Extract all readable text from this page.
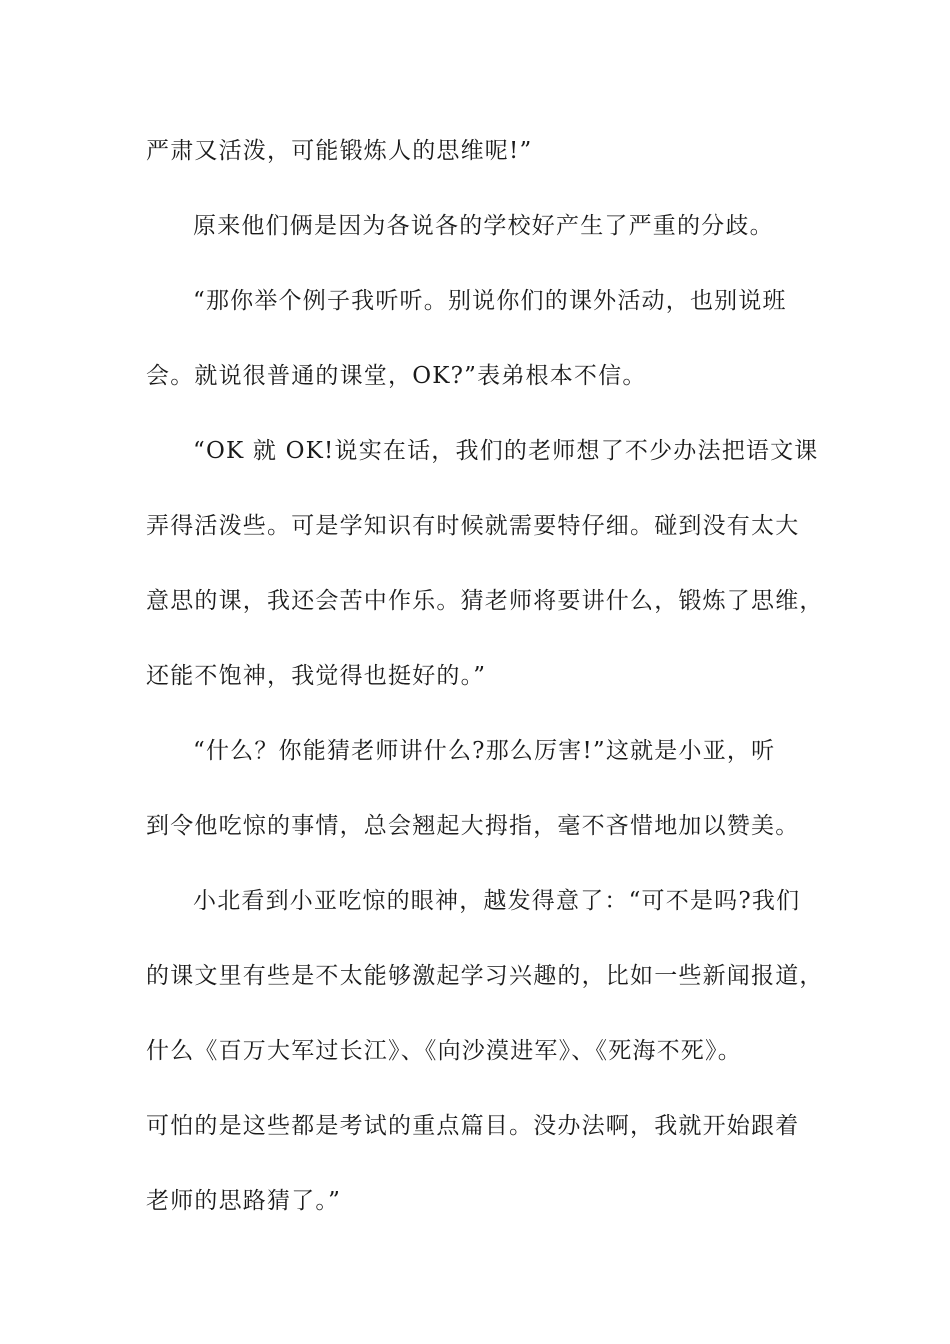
严肃又活泼，可能锻炼人的思维呢!”
原来他们俩是因为各说各的学校好产生了严重的分歧。
“那你举个例子我听听。别说你们的课外活动，也别说班
会。就说很普通的课堂，OK?”表弟根本不信。
“OK 就 OK!说实在话，我们的老师想了不少办法把语文课
弄得活泼些。可是学知识有时候就需要特仔细。碰到没有太大
意思的课，我还会苦中作乐。猜老师将要讲什么，锻炼了思维，
还能不饱神，我觉得也挺好的。”
“什么？你能猜老师讲什么?那么厉害!”这就是小亚，听
到令他吃惊的事情，总会翘起大拇指，毫不吝惜地加以赞美。
小北看到小亚吃惊的眼神，越发得意了：“可不是吗?我们
的课文里有些是不太能够激起学习兴趣的，比如一些新闻报道，
什么《百万大军过长江》、《向沙漠进军》、《死海不死》。
可怕的是这些都是考试的重点篇目。没办法啊，我就开始跟着
老师的思路猜了。”
